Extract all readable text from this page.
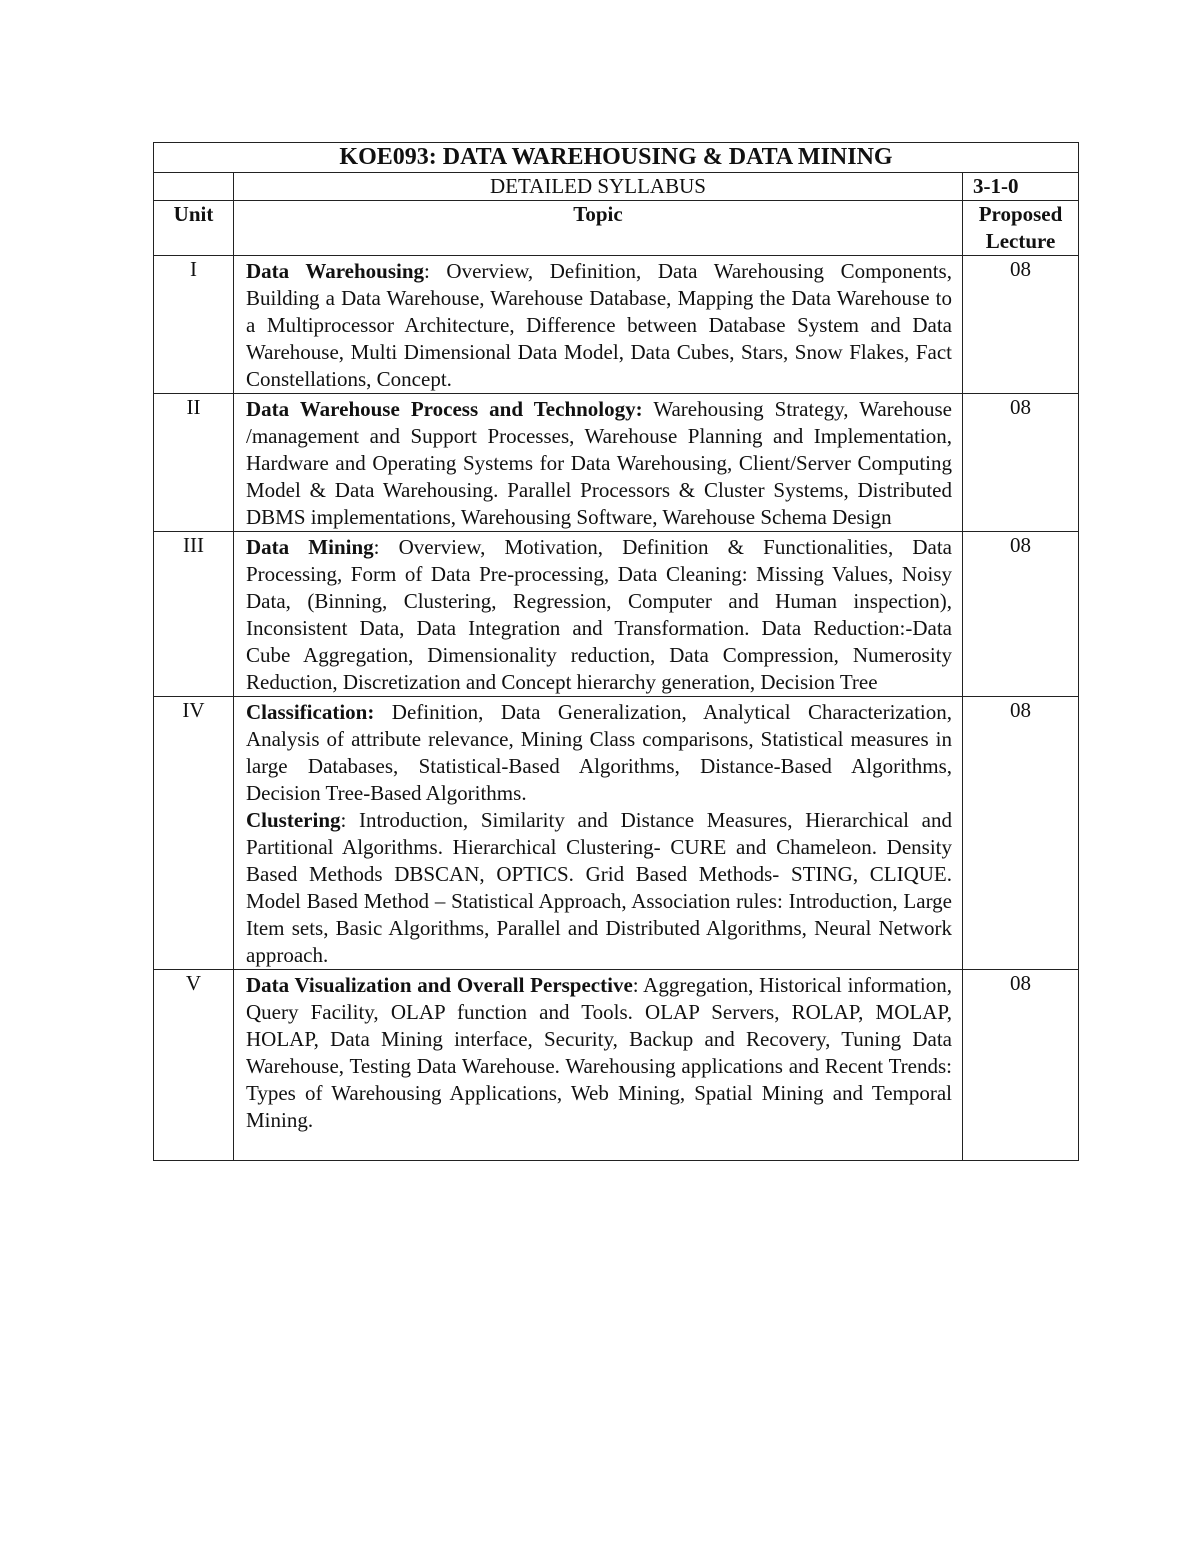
KOE093: DATA WAREHOUSING & DATA MINING		
	DETAILED SYLLABUS	3-1-0
Unit	Topic	Proposed Lecture
I	Data Warehousing: Overview, Definition, Data Warehousing Components, Building a Data Warehouse, Warehouse Database, Mapping the Data Warehouse to a Multiprocessor Architecture, Difference between Database System and Data Warehouse, Multi Dimensional Data Model, Data Cubes, Stars, Snow Flakes, Fact Constellations, Concept.	08
II	Data Warehouse Process and Technology: Warehousing Strategy, Warehouse /management and Support Processes, Warehouse Planning and Implementation, Hardware and Operating Systems for Data Warehousing, Client/Server Computing Model & Data Warehousing. Parallel Processors & Cluster Systems, Distributed DBMS implementations, Warehousing Software, Warehouse Schema Design	08
III	Data Mining: Overview, Motivation, Definition & Functionalities, Data Processing, Form of Data Pre-processing, Data Cleaning: Missing Values, Noisy Data, (Binning, Clustering, Regression, Computer and Human inspection), Inconsistent Data, Data Integration and Transformation. Data Reduction:-Data Cube Aggregation, Dimensionality reduction, Data Compression, Numerosity Reduction, Discretization and Concept hierarchy generation, Decision Tree	08
IV	Classification: Definition, Data Generalization, Analytical Characterization, Analysis of attribute relevance, Mining Class comparisons, Statistical measures in large Databases, Statistical-Based Algorithms, Distance-Based Algorithms, Decision Tree-Based Algorithms.

Clustering: Introduction, Similarity and Distance Measures, Hierarchical and Partitional Algorithms. Hierarchical Clustering- CURE and Chameleon. Density Based Methods DBSCAN, OPTICS. Grid Based Methods- STING, CLIQUE. Model Based Method – Statistical Approach, Association rules: Introduction, Large Item sets, Basic Algorithms, Parallel and Distributed Algorithms, Neural Network approach.	08
V	Data Visualization and Overall Perspective: Aggregation, Historical information, Query Facility, OLAP function and Tools. OLAP Servers, ROLAP, MOLAP, HOLAP, Data Mining interface, Security, Backup and Recovery, Tuning Data Warehouse, Testing Data Warehouse. Warehousing applications and Recent Trends: Types of Warehousing Applications, Web Mining, Spatial Mining and Temporal Mining.	08
